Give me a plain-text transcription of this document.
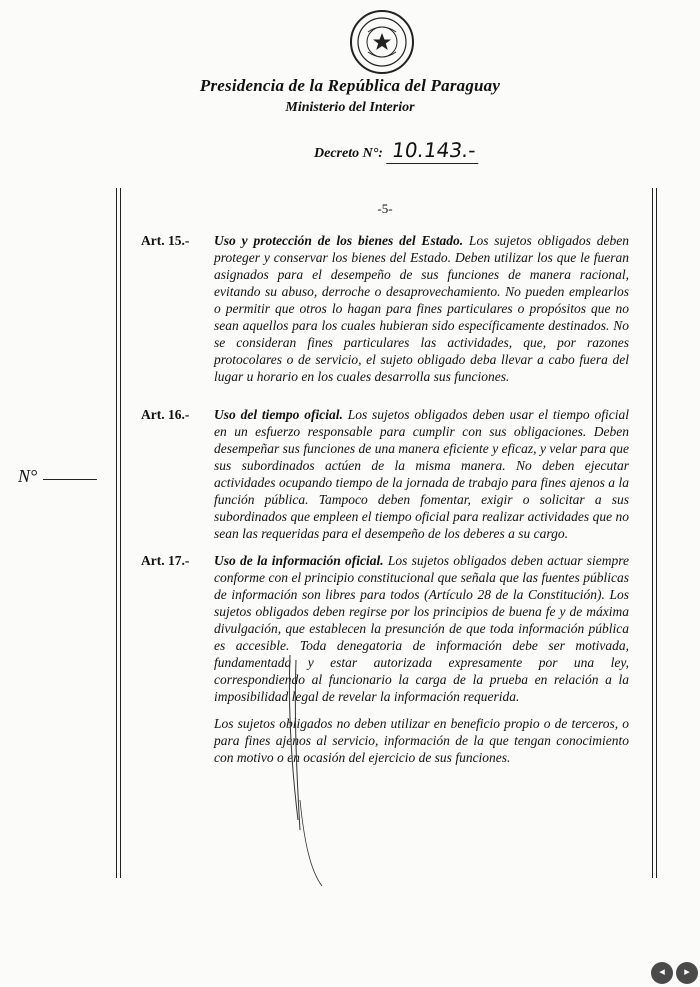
Presidencia de la República del Paraguay
Ministerio del Interior
Decreto N°: 10.143.-
N°
-5-
Art. 15.- Uso y protección de los bienes del Estado. Los sujetos obligados deben proteger y conservar los bienes del Estado. Deben utilizar los que le fueran asignados para el desempeño de sus funciones de manera racional, evitando su abuso, derroche o desaprovechamiento. No pueden emplearlos o permitir que otros lo hagan para fines particulares o propósitos que no sean aquellos para los cuales hubieran sido específicamente destinados. No se consideran fines particulares las actividades, que, por razones protocolares o de servicio, el sujeto obligado deba llevar a cabo fuera del lugar u horario en los cuales desarrolla sus funciones.
Art. 16.- Uso del tiempo oficial. Los sujetos obligados deben usar el tiempo oficial en un esfuerzo responsable para cumplir con sus obligaciones. Deben desempeñar sus funciones de una manera eficiente y eficaz, y velar para que sus subordinados actúen de la misma manera. No deben ejecutar actividades ocupando tiempo de la jornada de trabajo para fines ajenos a la función pública. Tampoco deben fomentar, exigir o solicitar a sus subordinados que empleen el tiempo oficial para realizar actividades que no sean las requeridas para el desempeño de los deberes a su cargo.
Art. 17.- Uso de la información oficial. Los sujetos obligados deben actuar siempre conforme con el principio constitucional que señala que las fuentes públicas de información son libres para todos (Artículo 28 de la Constitución). Los sujetos obligados deben regirse por los principios de buena fe y de máxima divulgación, que establecen la presunción de que toda información pública es accesible. Toda denegatoria de información debe ser motivada, fundamentada y estar autorizada expresamente por una ley, correspondiendo al funcionario la carga de la prueba en relación a la imposibilidad legal de revelar la información requerida.
Los sujetos obligados no deben utilizar en beneficio propio o de terceros, o para fines ajenos al servicio, información de la que tengan conocimiento con motivo o en ocasión del ejercicio de sus funciones.
◂	▸
